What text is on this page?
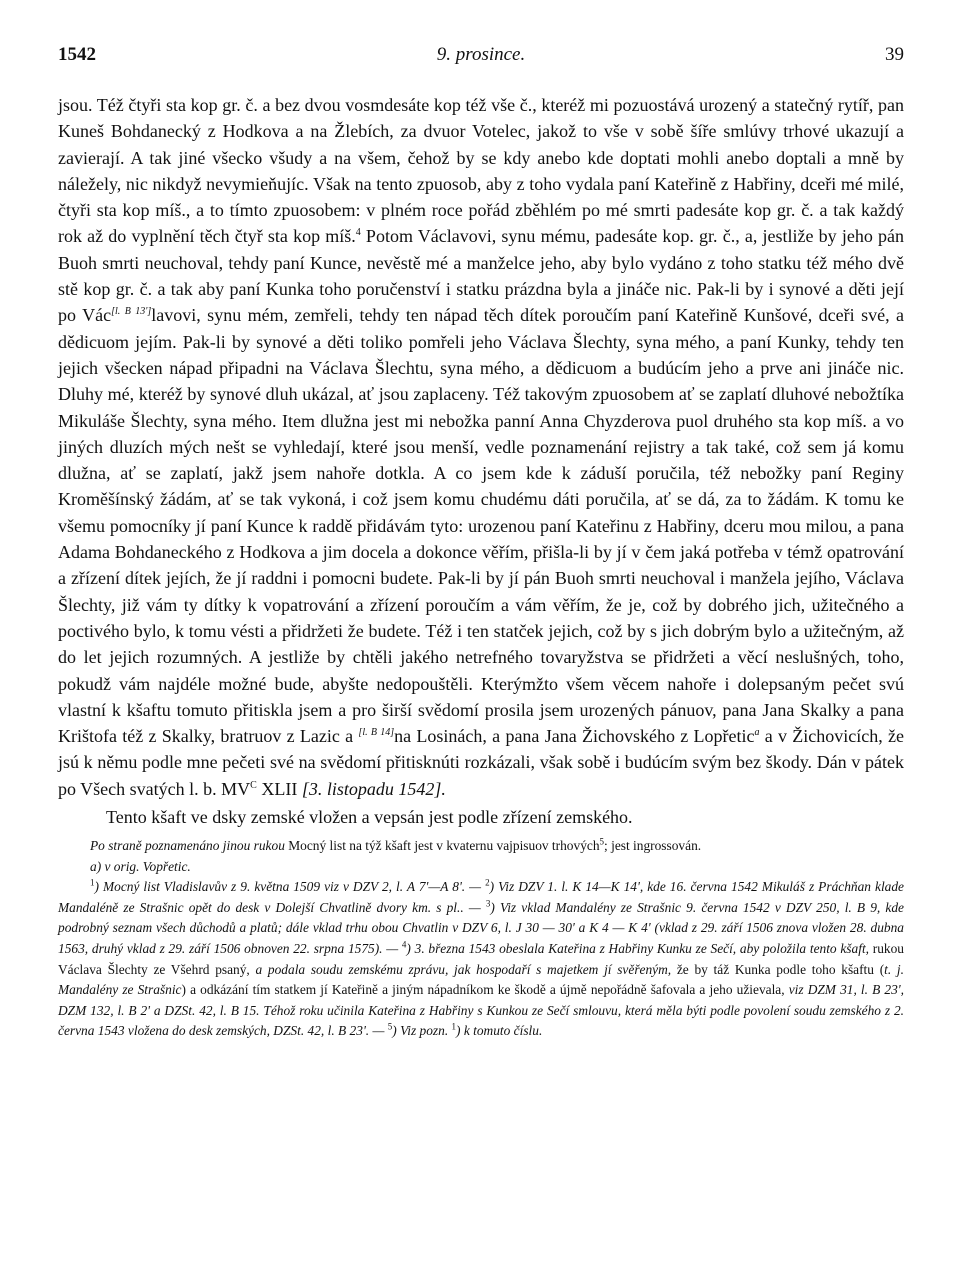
1542	9. prosince.	39

jsou. Též čtyři sta kop gr. č. a bez dvou vosmdesáte kop též vše č., kteréž mi pozuostává urozený a statečný rytíř, pan Kuneš Bohdanecký z Hodkova a na Žlebích, za dvuor Votelec, jakož to vše v sobě šíře smlúvy trhové ukazují a zavierají. A tak jiné všecko všudy a na všem, čehož by se kdy anebo kde doptati mohli anebo doptali a mně by náležely, nic nikdyž nevymieňujíc. Však na tento zpuosob, aby z toho vydala paní Kateřině z Habřiny, dceři mé milé, čtyři sta kop míš., a to tímto zpuosobem: v plném roce pořád zběhlém po mé smrti padesáte kop gr. č. a tak každý rok až do vyplnění těch čtyř sta kop míš.$^4$ Potom Václavovi, synu mému, padesáte kop. gr. č., a, jestliže by jeho pán Buoh smrti neuchoval, tehdy paní Kunce, nevěstě mé a manželce jeho, aby bylo vydáno z toho statku též mého dvě stě kop gr. č. a tak aby paní Kunka toho poručenství i statku prázdna byla a jináče nic. Pak-li by i synové a děti její po Vác[l. B 13']lavovi, synu mém, zemřeli, tehdy ten nápad těch dítek poroučím paní Kateřině Kunšové, dceři své, a dědicuom jejím. Pak-li by synové a děti toliko pomřeli jeho Václava Šlechty, syna mého, a paní Kunky, tehdy ten jejich všecken nápad připadni na Václava Šlechtu, syna mého, a dědicuom a budúcím jeho a prve ani jináče nic. Dluhy mé, kteréž by synové dluh ukázal, ať jsou zaplaceny. Též takovým zpuosobem ať se zaplatí dluhové nebožtíka Mikuláše Šlechty, syna mého. Item dlužna jest mi nebožka panní Anna Chyzderova puol druhého sta kop míš. a vo jiných dluzích mých nešt se vyhledají, které jsou menší, vedle poznamenání rejistry a tak také, což sem já komu dlužna, ať se zaplatí, jakž jsem nahoře dotkla. A co jsem kde k záduší poručila, též nebožky paní Reginy Kroměšínský žádám, ať se tak vykoná, i což jsem komu chudému dáti poručila, ať se dá, za to žádám. K tomu ke všemu pomocníky jí paní Kunce k raddě přidávám tyto: urozenou paní Kateřinu z Habřiny, dceru mou milou, a pana Adama Bohdaneckého z Hodkova a jim docela a dokonce věřím, přišla-li by jí v čem jaká potřeba v témž opatrování a zřízení dítek jejích, že jí raddni i pomocni budete. Pak-li by jí pán Buoh smrti neuchoval i manžela jejího, Václava Šlechty, již vám ty dítky k vopatrování a zřízení poroučím a vám věřím, že je, což by dobrého jich, užitečného a poctivého bylo, k tomu vésti a přidržeti že budete. Též i ten statček jejich, což by s jich dobrým bylo a užitečným, až do let jejich rozumných. A jestliže by chtěli jakého netrefného tovaryžstva se přidržeti a věcí neslušných, toho, pokudž vám najdéle možné bude, abyšte nedopouštěli. Kterýmžto všem věcem nahoře i dolepsaným pečet svú vlastní k kšaftu tomuto přitiskla jsem a pro širší svědomí prosila jsem urozených pánuov, pana Jana Skalky a pana Krištofa též z Skalky, bratruov z Lazic a [l. B 14]na Losinách, a pana Jana Žichovského z Lopřetic$^a$ a v Žichovicích, že jsú k němu podle mne pečeti své na svědomí přitisknúti rozkázali, však sobě i budúcím svým bez škody. Dán v pátek po Všech svatých l. b. $MV^C$ XLII [3. listopadu 1542].

Tento kšaft ve dsky zemské vložen a vepsán jest podle zřízení zemského.

Po straně poznamenáno jinou rukou Mocný list na týž kšaft jest v kvaternu vajpisuov trhových$^5$; jest ingrossován.

a) v orig. Vopřetic.

$^1$) Mocný list Vladislavův z 9. května 1509 viz v DZV 2, l. A 7'—A 8'. — $^2$) Viz DZV 1. l. K 14—K 14', kde 16. června 1542 Mikuláš z Práchňan klade Mandaléně ze Strašnic opět do desk v Dolejší Chvatlině dvory km. s pl.. — $^3$) Viz vklad Mandalény ze Strašnic 9. června 1542 v DZV 250, l. B 9, kde podrobný seznam všech důchodů a platů; dále vklad trhu obou Chvatlin v DZV 6, l. J 30 — 30' a K 4 — K 4' (vklad z 29. září 1506 znova vložen 28. dubna 1563, druhý vklad z 29. září 1506 obnoven 22. srpna 1575). — $^4$) 3. března 1543 obeslala Kateřina z Habřiny Kunku ze Sečí, aby položila tento kšaft, rukou Václava Šlechty ze Všehrd psaný, a podala soudu zemskému zprávu, jak hospodaří s majetkem jí svěřeným, že by táž Kunka podle toho kšaftu (t. j. Mandalény ze Strašnic) a odkázání tím statkem jí Kateřině a jiným nápadníkom ke škodě a újmě nepořádně šafovala a jeho užievala, viz DZM 31, l. B 23', DZM 132, l. B 2' a DZSt. 42, l. B 15. Téhož roku učinila Kateřina z Habřiny s Kunkou ze Sečí smlouvu, která měla býti podle povolení soudu zemského z 2. června 1543 vložena do desk zemských, DZSt. 42, l. B 23'. — $^5$) Viz pozn. $^1$) k tomuto číslu.
